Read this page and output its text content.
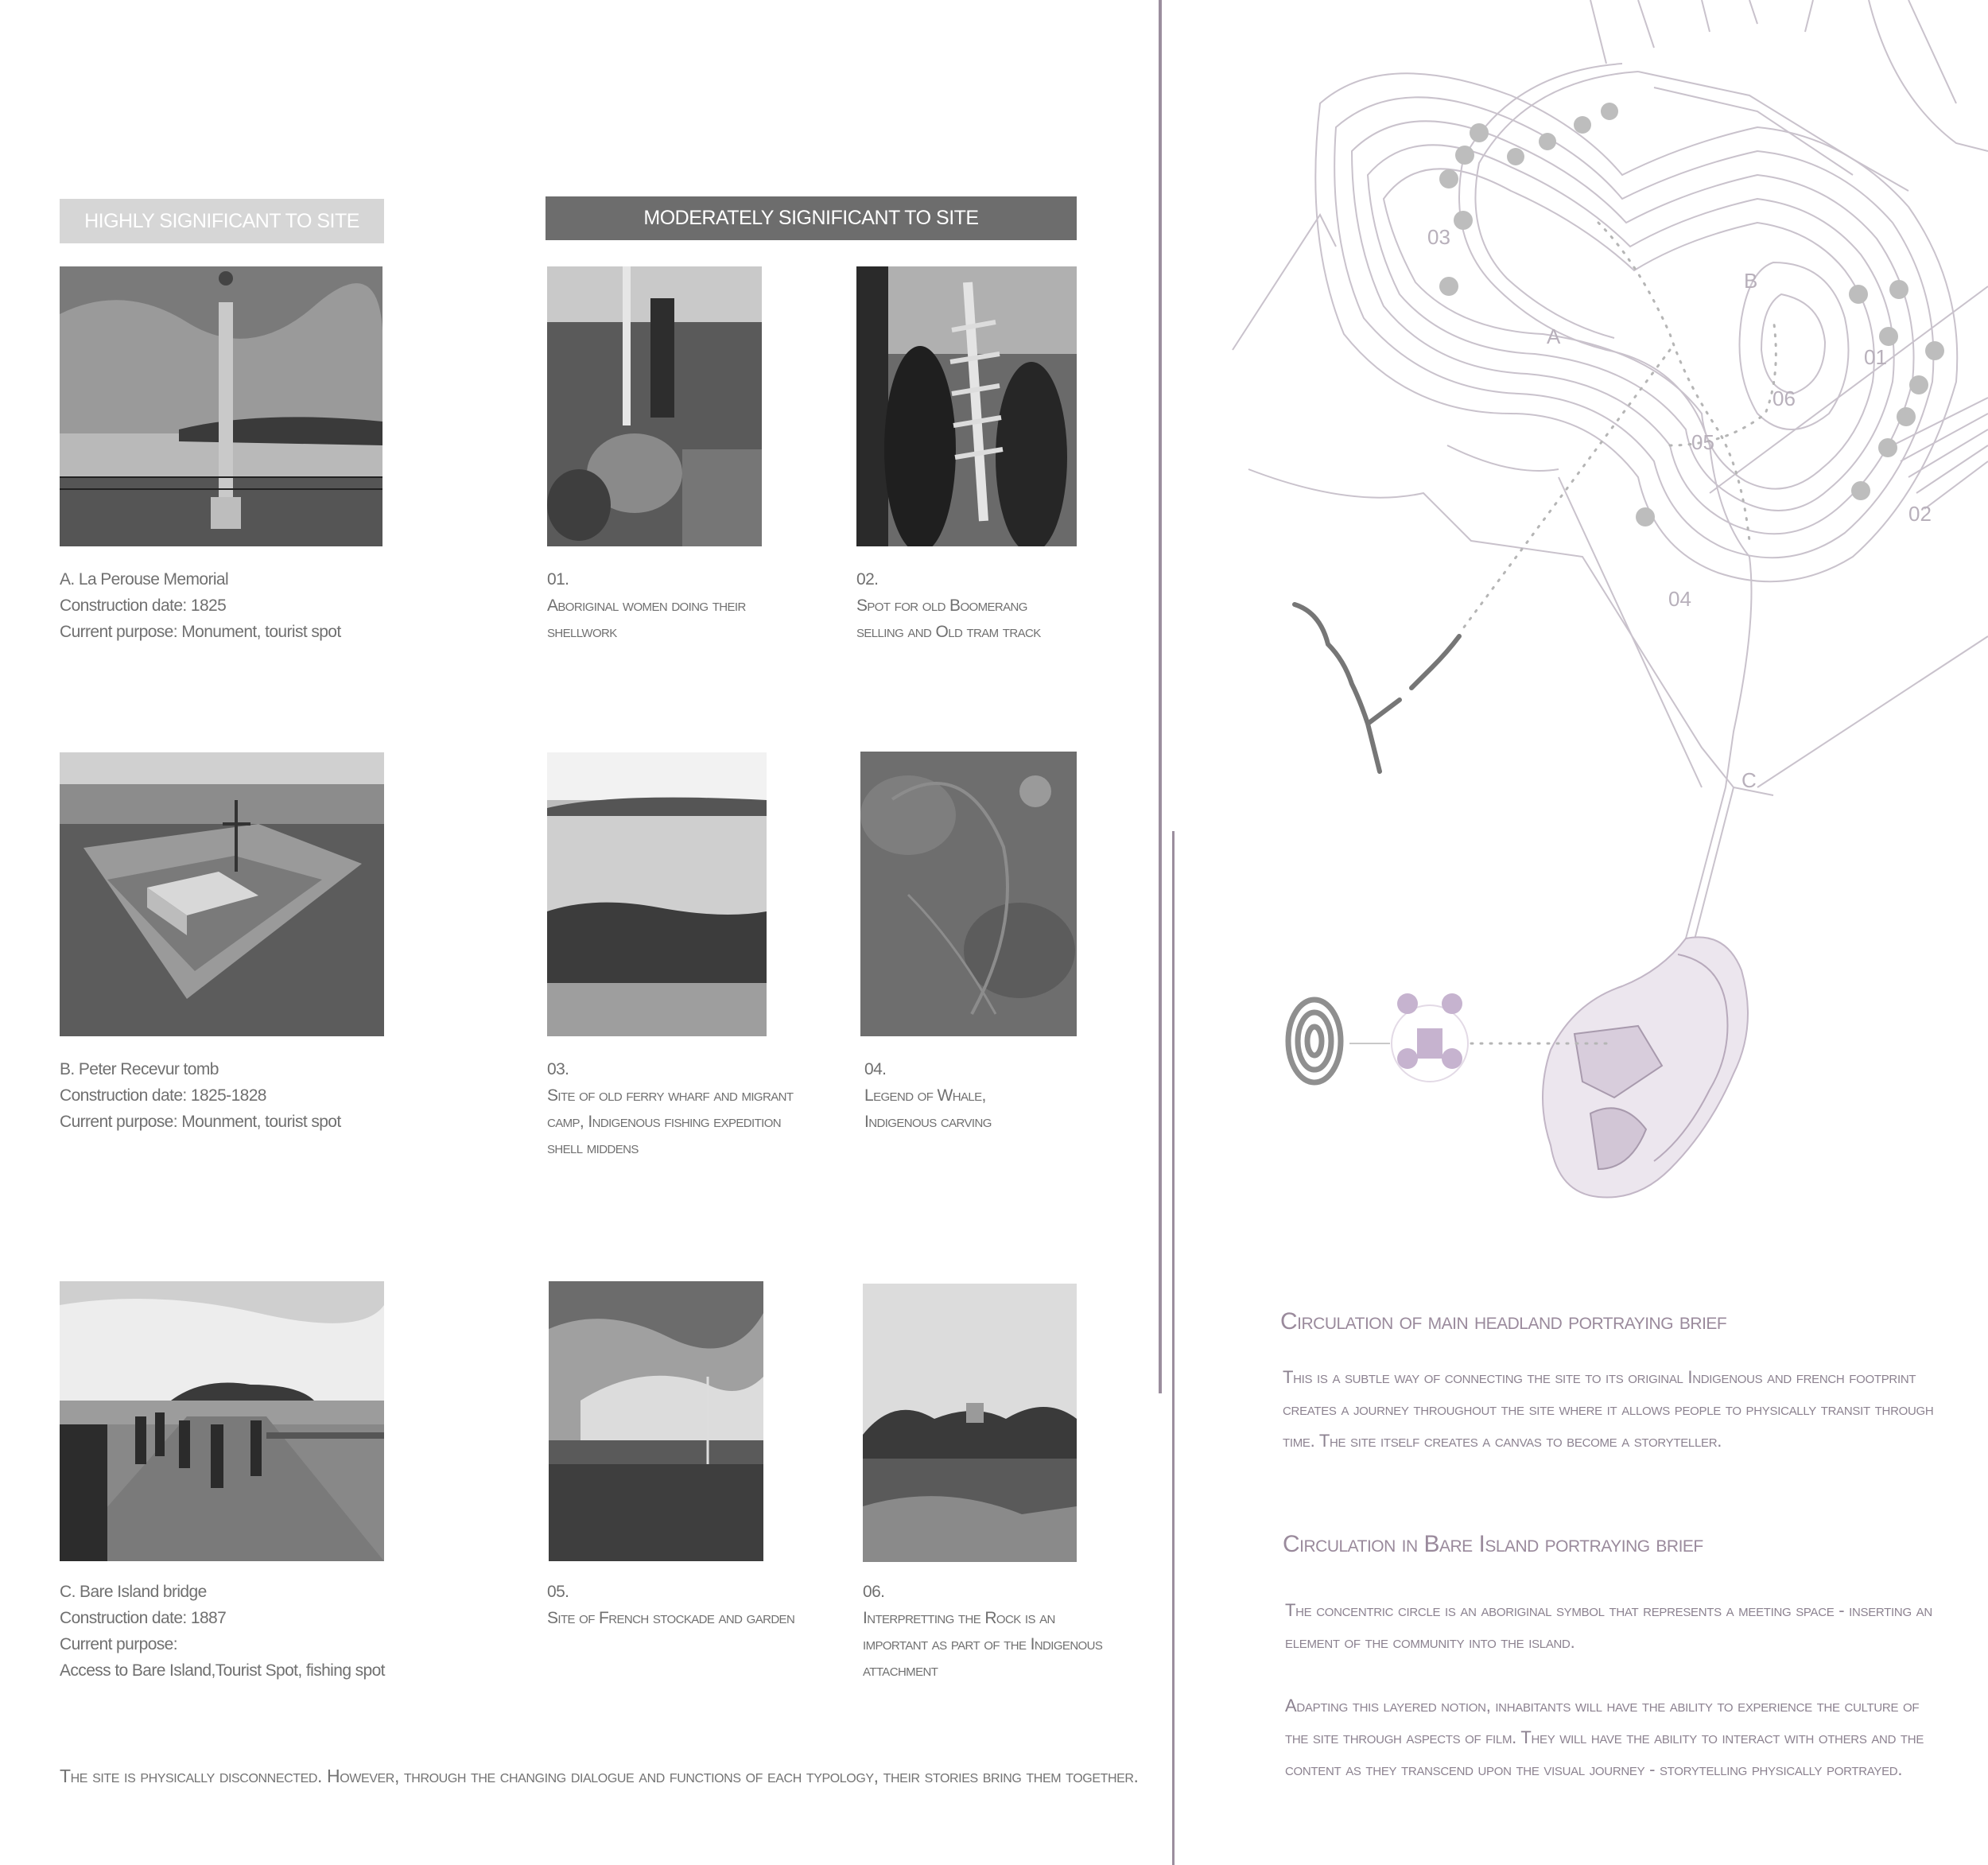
HIGHLY SIGNIFICANT TO SITE	MODERATELY SIGNIFICANT TO SITE
A. La Perouse Memorial
Construction date: 1825
Current purpose: Monument, tourist spot
01.
Aboriginal women doing their
shellwork
02.
Spot for old Boomerang
selling and Old tram track
B. Peter Recevur tomb
Construction date: 1825-1828
Current purpose: Mounment, tourist spot
03.
Site of old ferry wharf and migrant
camp, Indigenous fishing expedition
shell middens
04.
Legend of Whale,
Indigenous carving
C. Bare Island bridge
Construction date: 1887
Current purpose:
Access to Bare Island,Tourist Spot, fishing spot
05.
Site of French stockade and garden
06.
Interpretting the Rock is an
important as part of the Indigenous
attachment
The site is physically disconnected. However, through the changing dialogue and functions of each typology, their stories bring them together.
03
A
B
01
06
05
02
04
C
Circulation of main headland portraying brief
This is a subtle way of connecting the site to its original Indigenous and french footprint
creates a journey throughout the site where it allows people to physically transit through
time. The site itself creates a canvas to become a storyteller.
Circulation in Bare Island portraying brief
The concentric circle is an aboriginal symbol that represents a meeting space - inserting an
element of the community into the island.
Adapting this layered notion, inhabitants will have the ability to experience the culture of
the site through aspects of film. They will have the ability to interact with others and the
content as they transcend upon the visual journey - storytelling physically portrayed.
